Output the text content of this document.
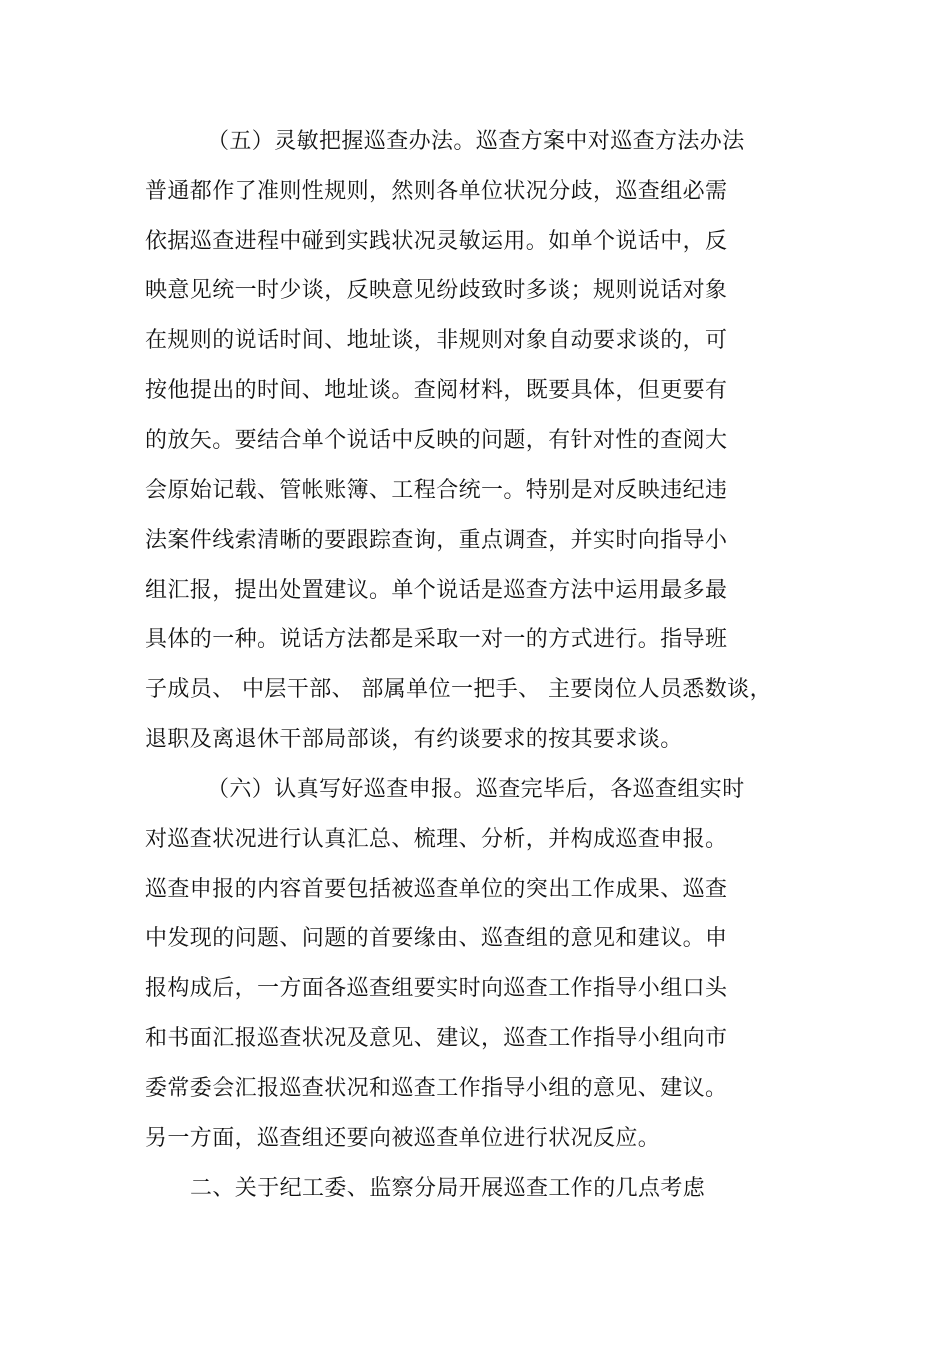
（五）灵敏把握巡查办法。巡查方案中对巡查方法办法
普通都作了准则性规则，然则各单位状况分歧，巡查组必需
依据巡查进程中碰到实践状况灵敏运用。如单个说话中，反
映意见统一时少谈，反映意见纷歧致时多谈；规则说话对象
在规则的说话时间、地址谈，非规则对象自动要求谈的，可
按他提出的时间、地址谈。查阅材料，既要具体，但更要有
的放矢。要结合单个说话中反映的问题，有针对性的查阅大
会原始记载、管帐账簿、工程合统一。特别是对反映违纪违
法案件线索清晰的要跟踪查询，重点调查，并实时向指导小
组汇报，提出处置建议。单个说话是巡查方法中运用最多最
具体的一种。说话方法都是采取一对一的方式进行。指导班
子成员、 中层干部、 部属单位一把手、 主要岗位人员悉数谈，
退职及离退休干部局部谈，有约谈要求的按其要求谈。
（六）认真写好巡查申报。巡查完毕后，各巡查组实时
对巡查状况进行认真汇总、梳理、分析，并构成巡查申报。
巡查申报的内容首要包括被巡查单位的突出工作成果、巡查
中发现的问题、问题的首要缘由、巡查组的意见和建议。申
报构成后，一方面各巡查组要实时向巡查工作指导小组口头
和书面汇报巡查状况及意见、建议，巡查工作指导小组向市
委常委会汇报巡查状况和巡查工作指导小组的意见、建议。
另一方面，巡查组还要向被巡查单位进行状况反应。
二、关于纪工委、监察分局开展巡查工作的几点考虑
